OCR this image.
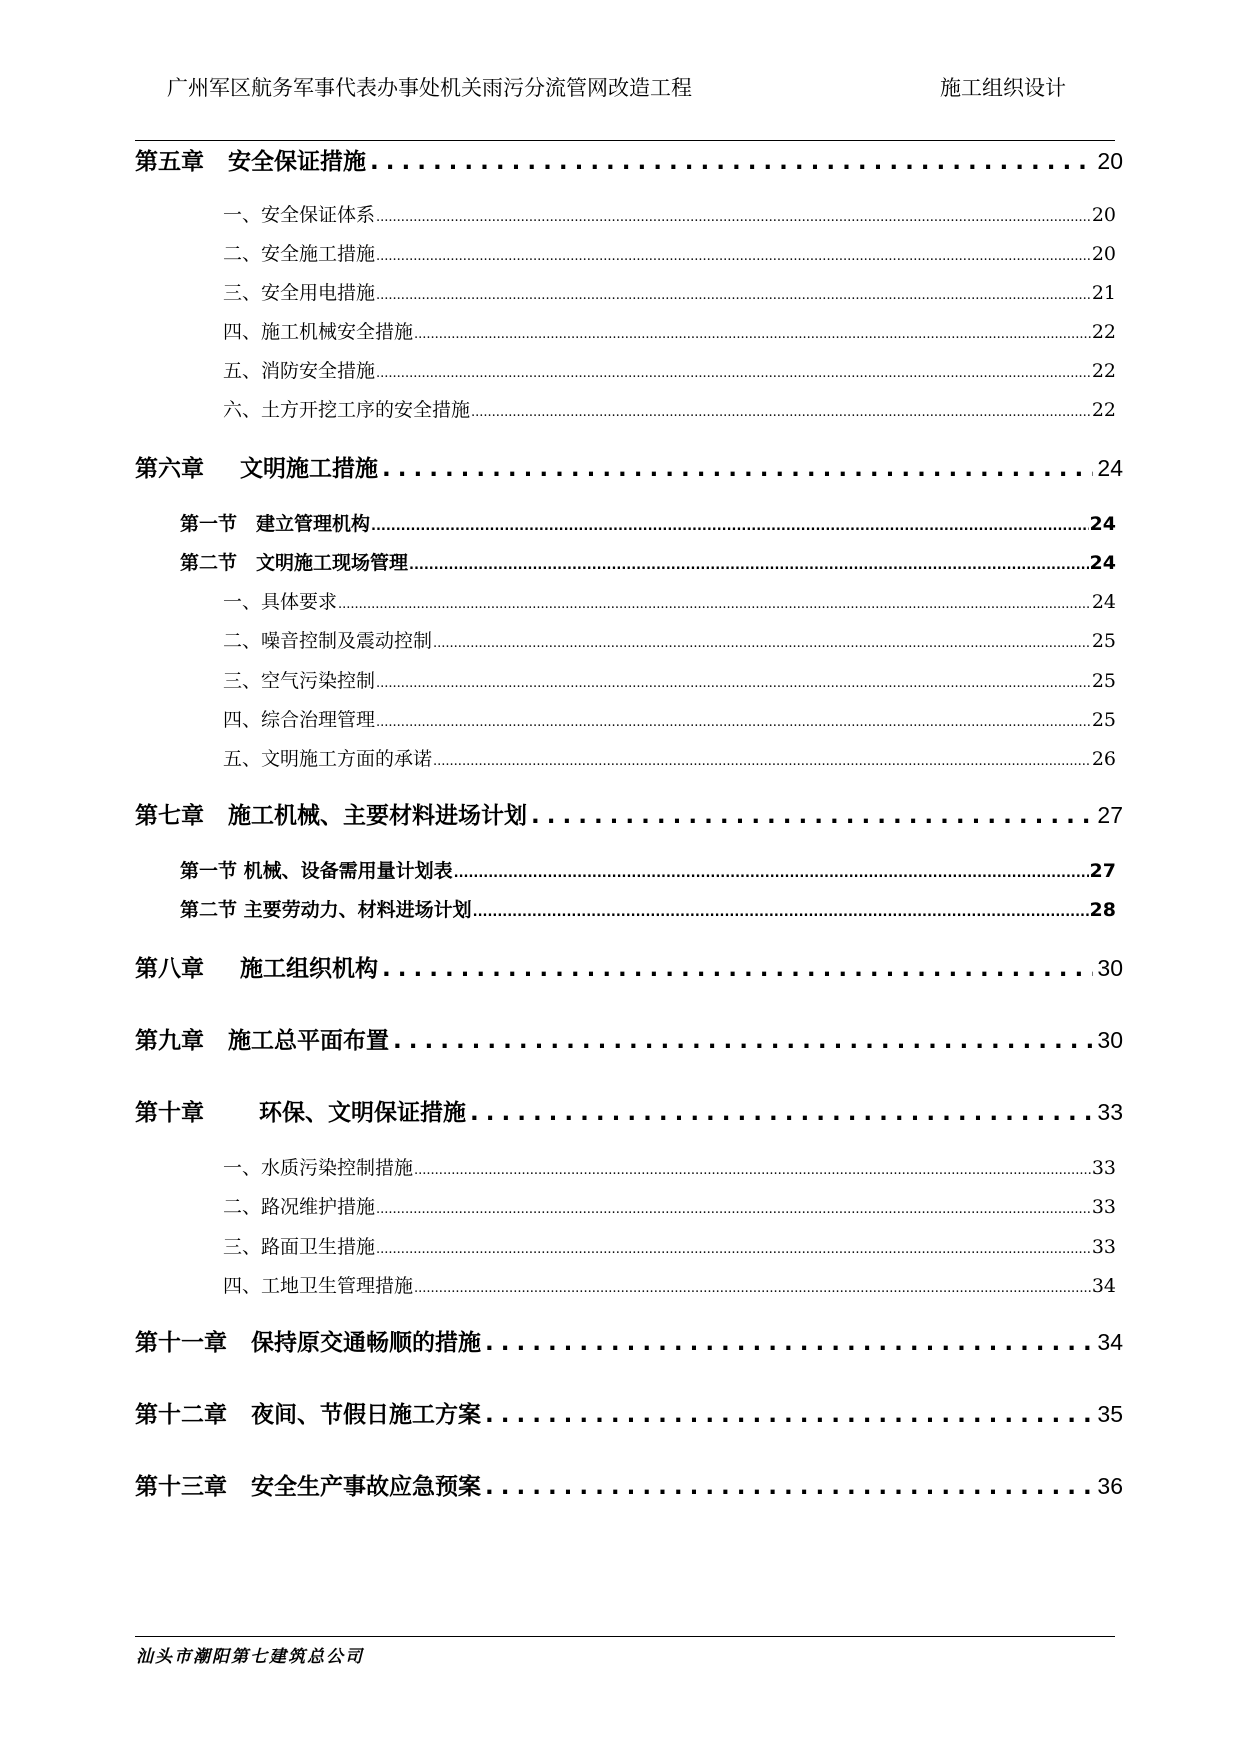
广州军区航务军事代表办事处机关雨污分流管网改造工程	施工组织设计
第五章 安全保证措施 .....	20
一、安全保证体系 .....	20
二、安全施工措施 .....	20
三、安全用电措施 .....	21
四、施工机械安全措施 .....	22
五、消防安全措施 .....	22
六、土方开挖工序的安全措施 .....	22
第六章 文明施工措施 .....	24
第一节　建立管理机构 .....	24
第二节　文明施工现场管理 .....	24
一、具体要求 .....	24
二、噪音控制及震动控制 .....	25
三、空气污染控制 .....	25
四、综合治理管理 .....	25
五、文明施工方面的承诺 .....	26
第七章 施工机械、主要材料进场计划 .....	27
第一节 机械、设备需用量计划表 .....	27
第二节 主要劳动力、材料进场计划 .....	28
第八章 施工组织机构 .....	30
第九章 施工总平面布置 .....	30
第十章 环保、文明保证措施 .....	33
一、水质污染控制措施 .....	33
二、路况维护措施 .....	33
三、路面卫生措施 .....	33
四、工地卫生管理措施 .....	34
第十一章 保持原交通畅顺的措施 .....	34
第十二章 夜间、节假日施工方案 .....	35
第十三章 安全生产事故应急预案 .....	36
汕头市潮阳第七建筑总公司
